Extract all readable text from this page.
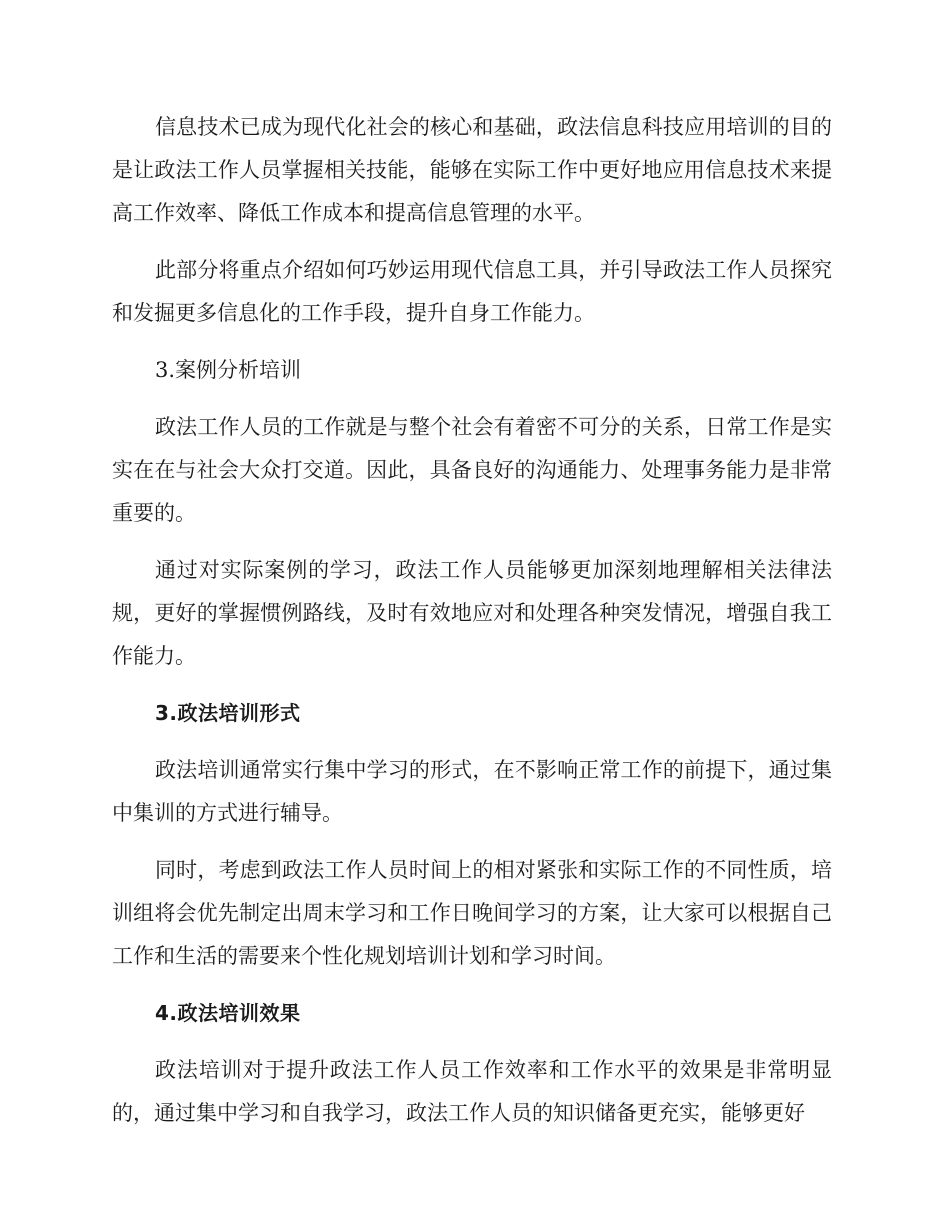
信息技术已成为现代化社会的核心和基础，政法信息科技应用培训的目的是让政法工作人员掌握相关技能，能够在实际工作中更好地应用信息技术来提高工作效率、降低工作成本和提高信息管理的水平。

此部分将重点介绍如何巧妙运用现代信息工具，并引导政法工作人员探究和发掘更多信息化的工作手段，提升自身工作能力。

3.案例分析培训

政法工作人员的工作就是与整个社会有着密不可分的关系，日常工作是实实在在与社会大众打交道。因此，具备良好的沟通能力、处理事务能力是非常重要的。

通过对实际案例的学习，政法工作人员能够更加深刻地理解相关法律法规，更好的掌握惯例路线，及时有效地应对和处理各种突发情况，增强自我工作能力。

3.政法培训形式

政法培训通常实行集中学习的形式，在不影响正常工作的前提下，通过集中集训的方式进行辅导。

同时，考虑到政法工作人员时间上的相对紧张和实际工作的不同性质，培训组将会优先制定出周末学习和工作日晚间学习的方案，让大家可以根据自己工作和生活的需要来个性化规划培训计划和学习时间。

4.政法培训效果

政法培训对于提升政法工作人员工作效率和工作水平的效果是非常明显的，通过集中学习和自我学习，政法工作人员的知识储备更充实，能够更好
